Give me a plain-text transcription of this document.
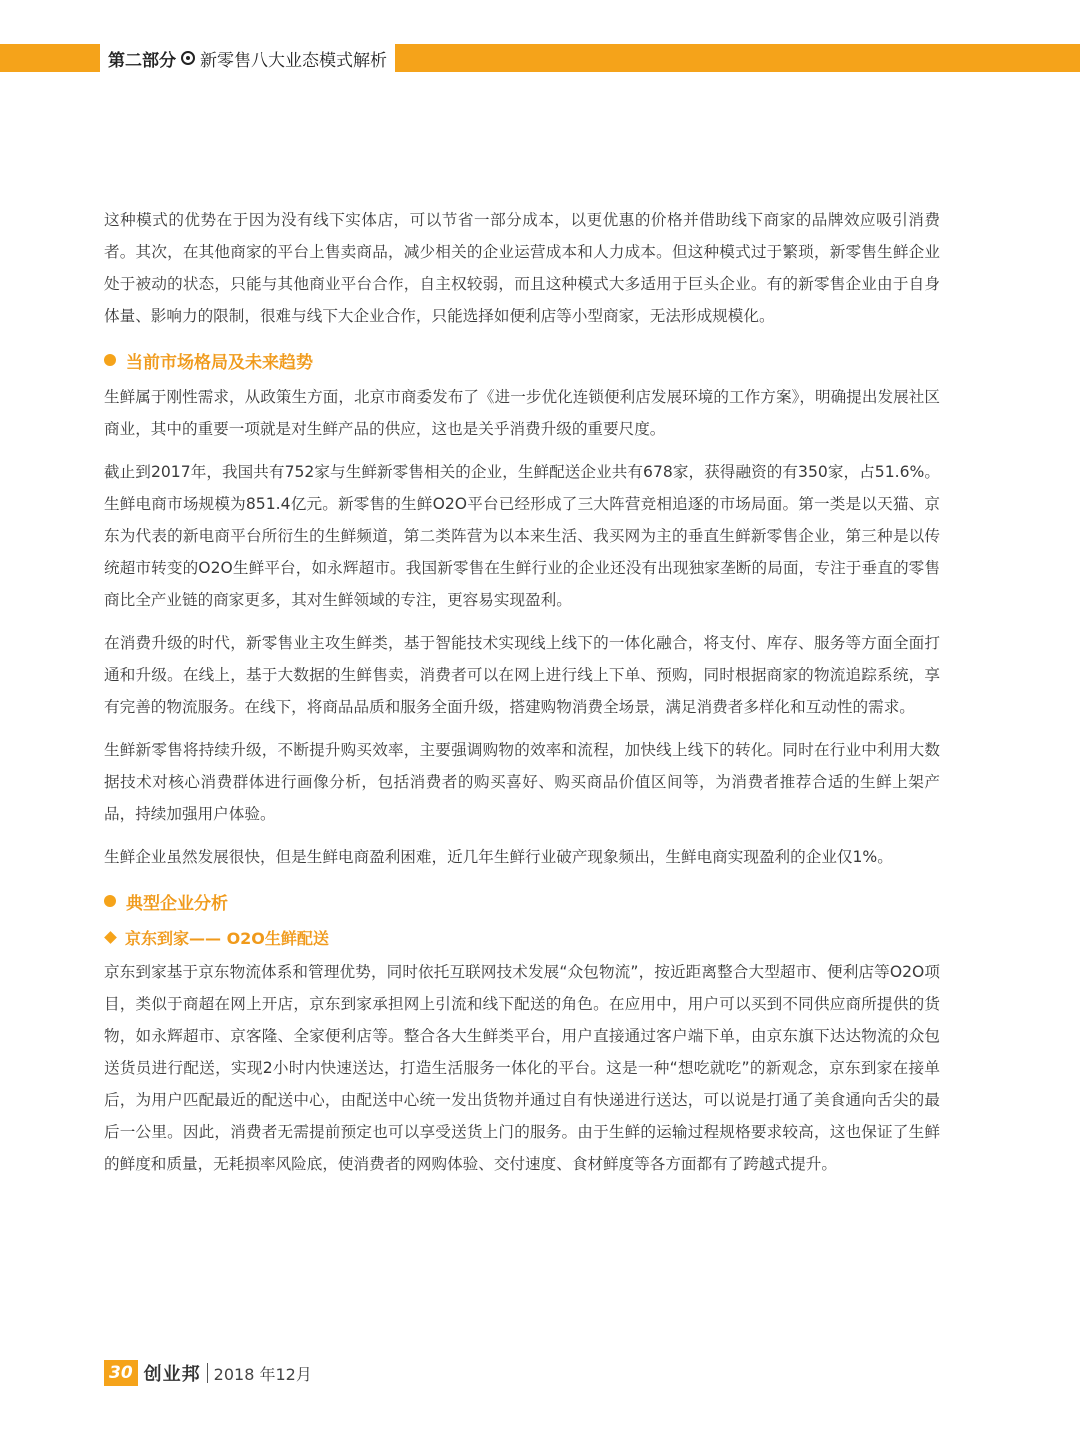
第二部分 新零售八大业态模式解析

这种模式的优势在于因为没有线下实体店，可以节省一部分成本，以更优惠的价格并借助线下商家的品牌效应吸引消费者。其次，在其他商家的平台上售卖商品，减少相关的企业运营成本和人力成本。但这种模式过于繁琐，新零售生鲜企业处于被动的状态，只能与其他商业平台合作，自主权较弱，而且这种模式大多适用于巨头企业。有的新零售企业由于自身体量、影响力的限制，很难与线下大企业合作，只能选择如便利店等小型商家，无法形成规模化。

当前市场格局及未来趋势

生鲜属于刚性需求，从政策生方面，北京市商委发布了《进一步优化连锁便利店发展环境的工作方案》，明确提出发展社区商业，其中的重要一项就是对生鲜产品的供应，这也是关乎消费升级的重要尺度。

截止到2017年，我国共有752家与生鲜新零售相关的企业，生鲜配送企业共有678家，获得融资的有350家，占51.6%。生鲜电商市场规模为851.4亿元。新零售的生鲜O2O平台已经形成了三大阵营竞相追逐的市场局面。第一类是以天猫、京东为代表的新电商平台所衍生的生鲜频道，第二类阵营为以本来生活、我买网为主的垂直生鲜新零售企业，第三种是以传统超市转变的O2O生鲜平台，如永辉超市。我国新零售在生鲜行业的企业还没有出现独家垄断的局面，专注于垂直的零售商比全产业链的商家更多，其对生鲜领域的专注，更容易实现盈利。

在消费升级的时代，新零售业主攻生鲜类，基于智能技术实现线上线下的一体化融合，将支付、库存、服务等方面全面打通和升级。在线上，基于大数据的生鲜售卖，消费者可以在网上进行线上下单、预购，同时根据商家的物流追踪系统，享有完善的物流服务。在线下，将商品品质和服务全面升级，搭建购物消费全场景，满足消费者多样化和互动性的需求。

生鲜新零售将持续升级，不断提升购买效率，主要强调购物的效率和流程，加快线上线下的转化。同时在行业中利用大数据技术对核心消费群体进行画像分析，包括消费者的购买喜好、购买商品价值区间等，为消费者推荐合适的生鲜上架产品，持续加强用户体验。

生鲜企业虽然发展很快，但是生鲜电商盈利困难，近几年生鲜行业破产现象频出，生鲜电商实现盈利的企业仅1%。

典型企业分析
京东到家—— O2O生鲜配送

京东到家基于京东物流体系和管理优势，同时依托互联网技术发展“众包物流”，按近距离整合大型超市、便利店等O2O项目，类似于商超在网上开店，京东到家承担网上引流和线下配送的角色。在应用中，用户可以买到不同供应商所提供的货物，如永辉超市、京客隆、全家便利店等。整合各大生鲜类平台，用户直接通过客户端下单，由京东旗下达达物流的众包送货员进行配送，实现2小时内快速送达，打造生活服务一体化的平台。这是一种“想吃就吃”的新观念，京东到家在接单后，为用户匹配最近的配送中心，由配送中心统一发出货物并通过自有快递进行送达，可以说是打通了美食通向舌尖的最后一公里。因此，消费者无需提前预定也可以享受送货上门的服务。由于生鲜的运输过程规格要求较高，这也保证了生鲜的鲜度和质量，无耗损率风险底，使消费者的网购体验、交付速度、食材鲜度等各方面都有了跨越式提升。

30 创业邦 2018 年12月
